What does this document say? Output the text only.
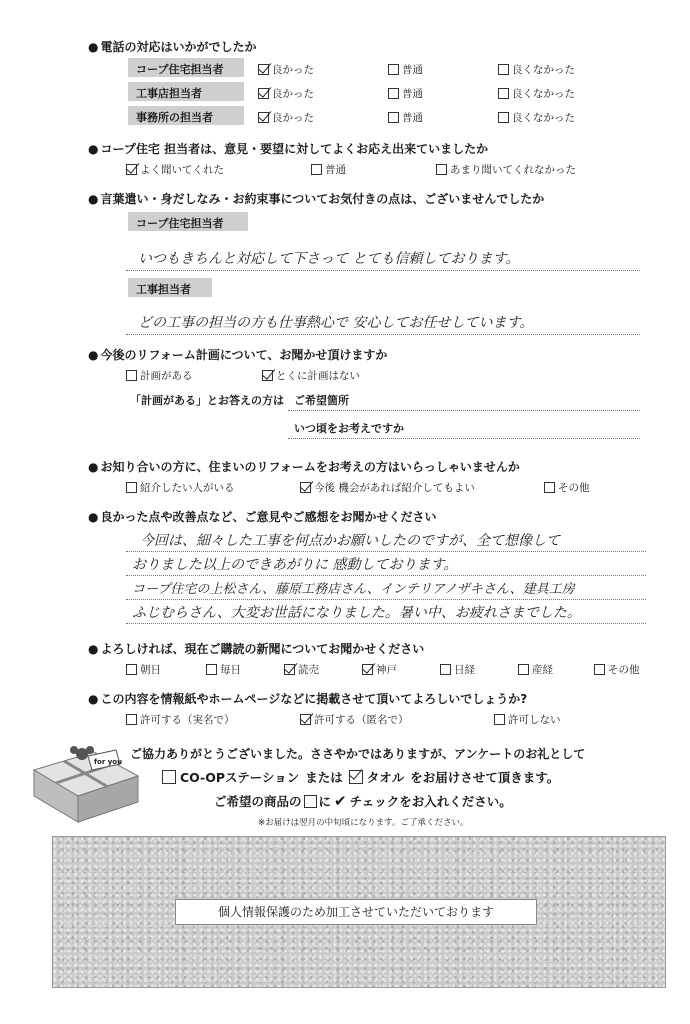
● 電話の対応はいかがでしたか
コープ住宅担当者	良かった	普通	良くなかった
工事店担当者	良かった	普通	良くなかった
事務所の担当者	良かった	普通	良くなかった
● コープ住宅 担当者は、意見・要望に対してよくお応え出来ていましたか
よく聞いてくれた	普通	あまり聞いてくれなかった
● 言葉遣い・身だしなみ・お約束事についてお気付きの点は、ございませんでしたか
コープ住宅担当者
いつもきちんと対応して下さって とても信頼しております。
工事担当者
どの工事の担当の方も仕事熱心で 安心してお任せしています。
● 今後のリフォーム計画について、お聞かせ頂けますか
計画がある	とくに計画はない
「計画がある」とお答えの方は ご希望箇所
いつ頃をお考えですか
● お知り合いの方に、住まいのリフォームをお考えの方はいらっしゃいませんか
紹介したい人がいる	今後 機会があれば紹介してもよい	その他
● 良かった点や改善点など、ご意見やご感想をお聞かせください
今回は、細々した工事を何点かお願いしたのですが、全て想像して
おりました以上のできあがりに 感動しております。
コープ住宅の上松さん、藤原工務店さん、インテリアノザキさん、建具工房
ふじむらさん、大変お世話になりました。暑い中、お疲れさまでした。
● よろしければ、現在ご購読の新聞についてお聞かせください
朝日	毎日	読売	神戸	日経	産経	その他
● この内容を情報紙やホームページなどに掲載させて頂いてよろしいでしょうか?
許可する（実名で）	許可する（匿名で）	許可しない
for you
ご協力ありがとうございました。ささやかではありますが、アンケートのお礼として
CO-OPステーション または タオル をお届けさせて頂きます。
ご希望の商品の に ✔ チェックをお入れください。
※お届けは翌月の中旬頃になります。ご了承ください。
個人情報保護のため加工させていただいております
